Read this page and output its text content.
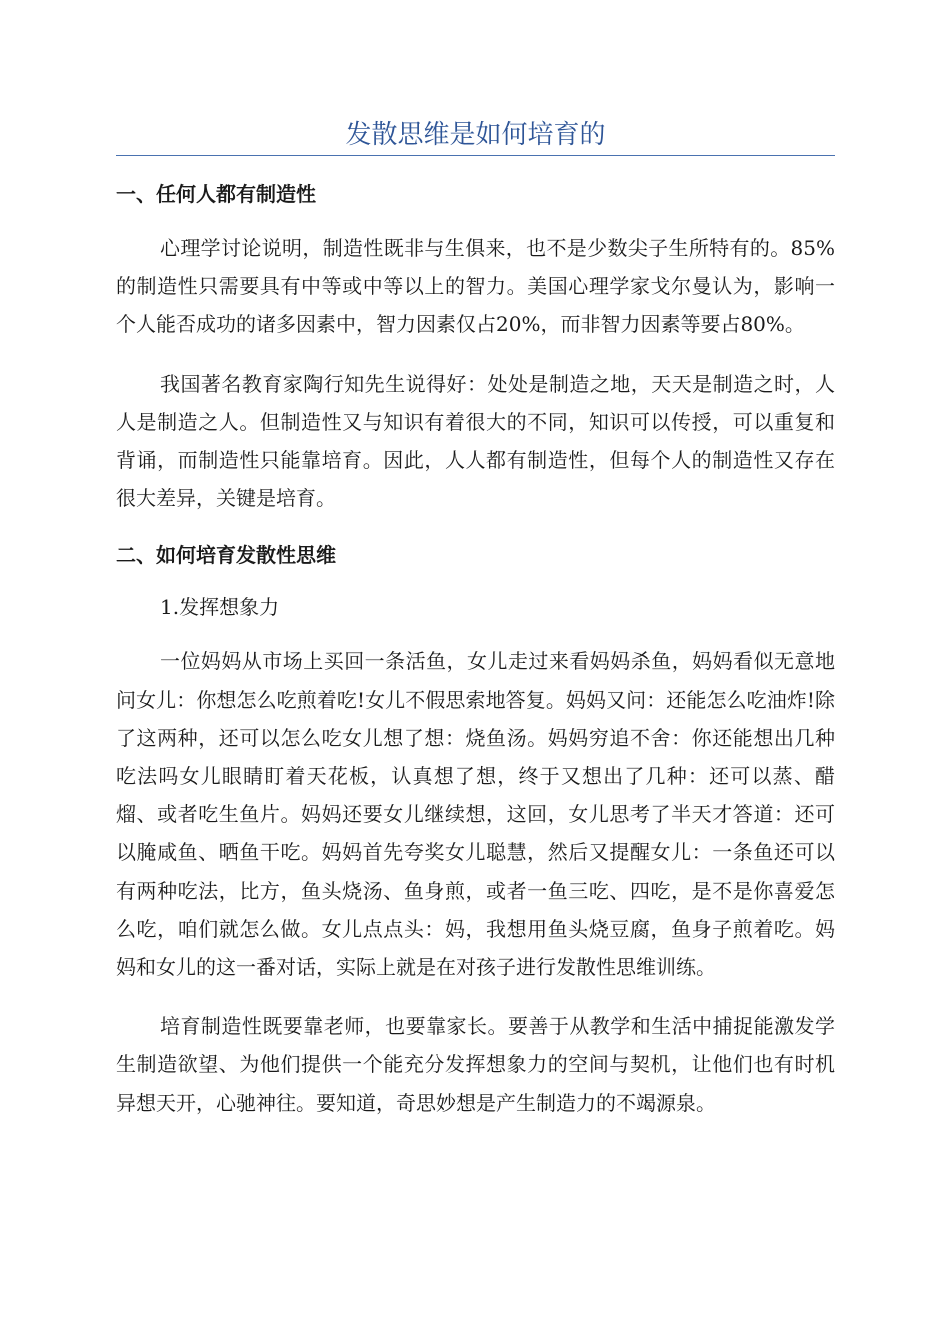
发散思维是如何培育的
一、任何人都有制造性

心理学讨论说明，制造性既非与生俱来，也不是少数尖子生所特有的。85%的制造性只需要具有中等或中等以上的智力。美国心理学家戈尔曼认为，影响一个人能否成功的诸多因素中，智力因素仅占20%，而非智力因素等要占80%。

我国著名教育家陶行知先生说得好：处处是制造之地，天天是制造之时，人人是制造之人。但制造性又与知识有着很大的不同，知识可以传授，可以重复和背诵，而制造性只能靠培育。因此，人人都有制造性，但每个人的制造性又存在很大差异，关键是培育。

二、如何培育发散性思维

1.发挥想象力

一位妈妈从市场上买回一条活鱼，女儿走过来看妈妈杀鱼，妈妈看似无意地问女儿：你想怎么吃煎着吃!女儿不假思索地答复。妈妈又问：还能怎么吃油炸!除了这两种，还可以怎么吃女儿想了想：烧鱼汤。妈妈穷追不舍：你还能想出几种吃法吗女儿眼睛盯着天花板，认真想了想，终于又想出了几种：还可以蒸、醋熘、或者吃生鱼片。妈妈还要女儿继续想，这回，女儿思考了半天才答道：还可以腌咸鱼、晒鱼干吃。妈妈首先夸奖女儿聪慧，然后又提醒女儿：一条鱼还可以有两种吃法，比方，鱼头烧汤、鱼身煎，或者一鱼三吃、四吃，是不是你喜爱怎么吃，咱们就怎么做。女儿点点头：妈，我想用鱼头烧豆腐，鱼身子煎着吃。妈妈和女儿的这一番对话，实际上就是在对孩子进行发散性思维训练。

培育制造性既要靠老师，也要靠家长。要善于从教学和生活中捕捉能激发学生制造欲望、为他们提供一个能充分发挥想象力的空间与契机，让他们也有时机异想天开，心驰神往。要知道，奇思妙想是产生制造力的不竭源泉。
